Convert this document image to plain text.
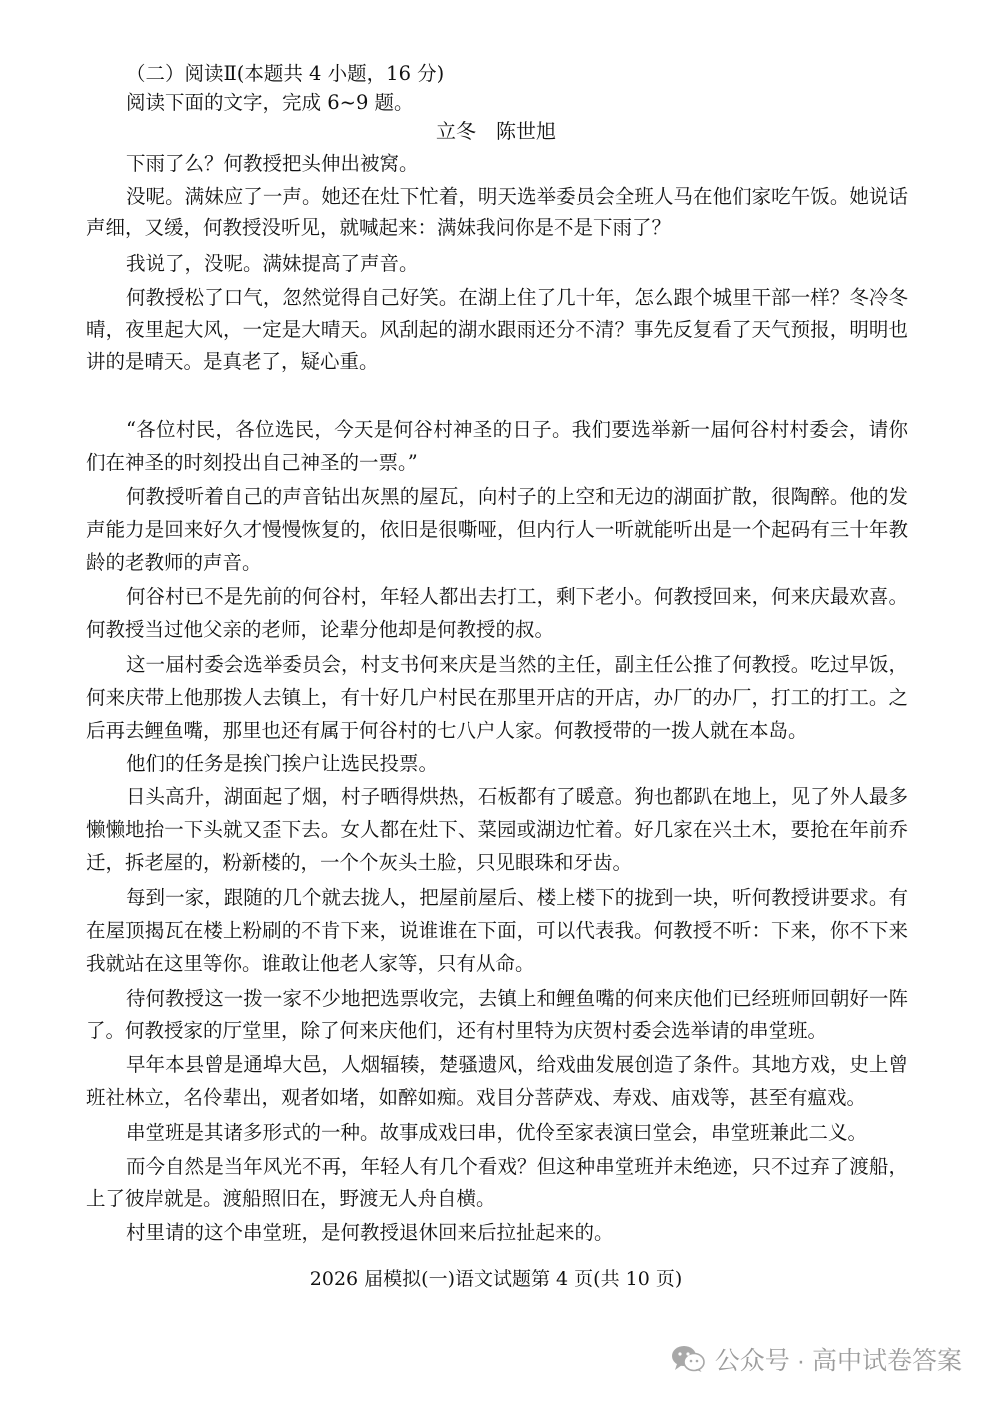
（二）阅读Ⅱ(本题共 4 小题，16 分)
阅读下面的文字，完成 6~9 题。
立冬 陈世旭
下雨了么？何教授把头伸出被窝。
没呢。满妹应了一声。她还在灶下忙着，明天选举委员会全班人马在他们家吃午饭。她说话
声细，又缓，何教授没听见，就喊起来：满妹我问你是不是下雨了？
我说了，没呢。满妹提高了声音。
何教授松了口气，忽然觉得自己好笑。在湖上住了几十年，怎么跟个城里干部一样？冬冷冬
晴，夜里起大风，一定是大晴天。风刮起的湖水跟雨还分不清？事先反复看了天气预报，明明也
讲的是晴天。是真老了，疑心重。
“各位村民，各位选民，今天是何谷村神圣的日子。我们要选举新一届何谷村村委会，请你
们在神圣的时刻投出自己神圣的一票。”
何教授听着自己的声音钻出灰黑的屋瓦，向村子的上空和无边的湖面扩散，很陶醉。他的发
声能力是回来好久才慢慢恢复的，依旧是很嘶哑，但内行人一听就能听出是一个起码有三十年教
龄的老教师的声音。
何谷村已不是先前的何谷村，年轻人都出去打工，剩下老小。何教授回来，何来庆最欢喜。
何教授当过他父亲的老师，论辈分他却是何教授的叔。
这一届村委会选举委员会，村支书何来庆是当然的主任，副主任公推了何教授。吃过早饭，
何来庆带上他那拨人去镇上，有十好几户村民在那里开店的开店，办厂的办厂，打工的打工。之
后再去鲤鱼嘴，那里也还有属于何谷村的七八户人家。何教授带的一拨人就在本岛。
他们的任务是挨门挨户让选民投票。
日头高升，湖面起了烟，村子晒得烘热，石板都有了暖意。狗也都趴在地上，见了外人最多
懒懒地抬一下头就又歪下去。女人都在灶下、菜园或湖边忙着。好几家在兴土木，要抢在年前乔
迁，拆老屋的，粉新楼的，一个个灰头土脸，只见眼珠和牙齿。
每到一家，跟随的几个就去拢人，把屋前屋后、楼上楼下的拢到一块，听何教授讲要求。有
在屋顶揭瓦在楼上粉刷的不肯下来，说谁谁在下面，可以代表我。何教授不听：下来，你不下来
我就站在这里等你。谁敢让他老人家等，只有从命。
待何教授这一拨一家不少地把选票收完，去镇上和鲤鱼嘴的何来庆他们已经班师回朝好一阵
了。何教授家的厅堂里，除了何来庆他们，还有村里特为庆贺村委会选举请的串堂班。
早年本县曾是通埠大邑，人烟辐辏，楚骚遗风，给戏曲发展创造了条件。其地方戏，史上曾
班社林立，名伶辈出，观者如堵，如醉如痴。戏目分菩萨戏、寿戏、庙戏等，甚至有瘟戏。
串堂班是其诸多形式的一种。故事成戏曰串，优伶至家表演曰堂会，串堂班兼此二义。
而今自然是当年风光不再，年轻人有几个看戏？但这种串堂班并未绝迹，只不过弃了渡船，
上了彼岸就是。渡船照旧在，野渡无人舟自横。
村里请的这个串堂班，是何教授退休回来后拉扯起来的。
2026 届模拟(一)语文试题第 4 页(共 10 页)
公众号 · 高中试卷答案
